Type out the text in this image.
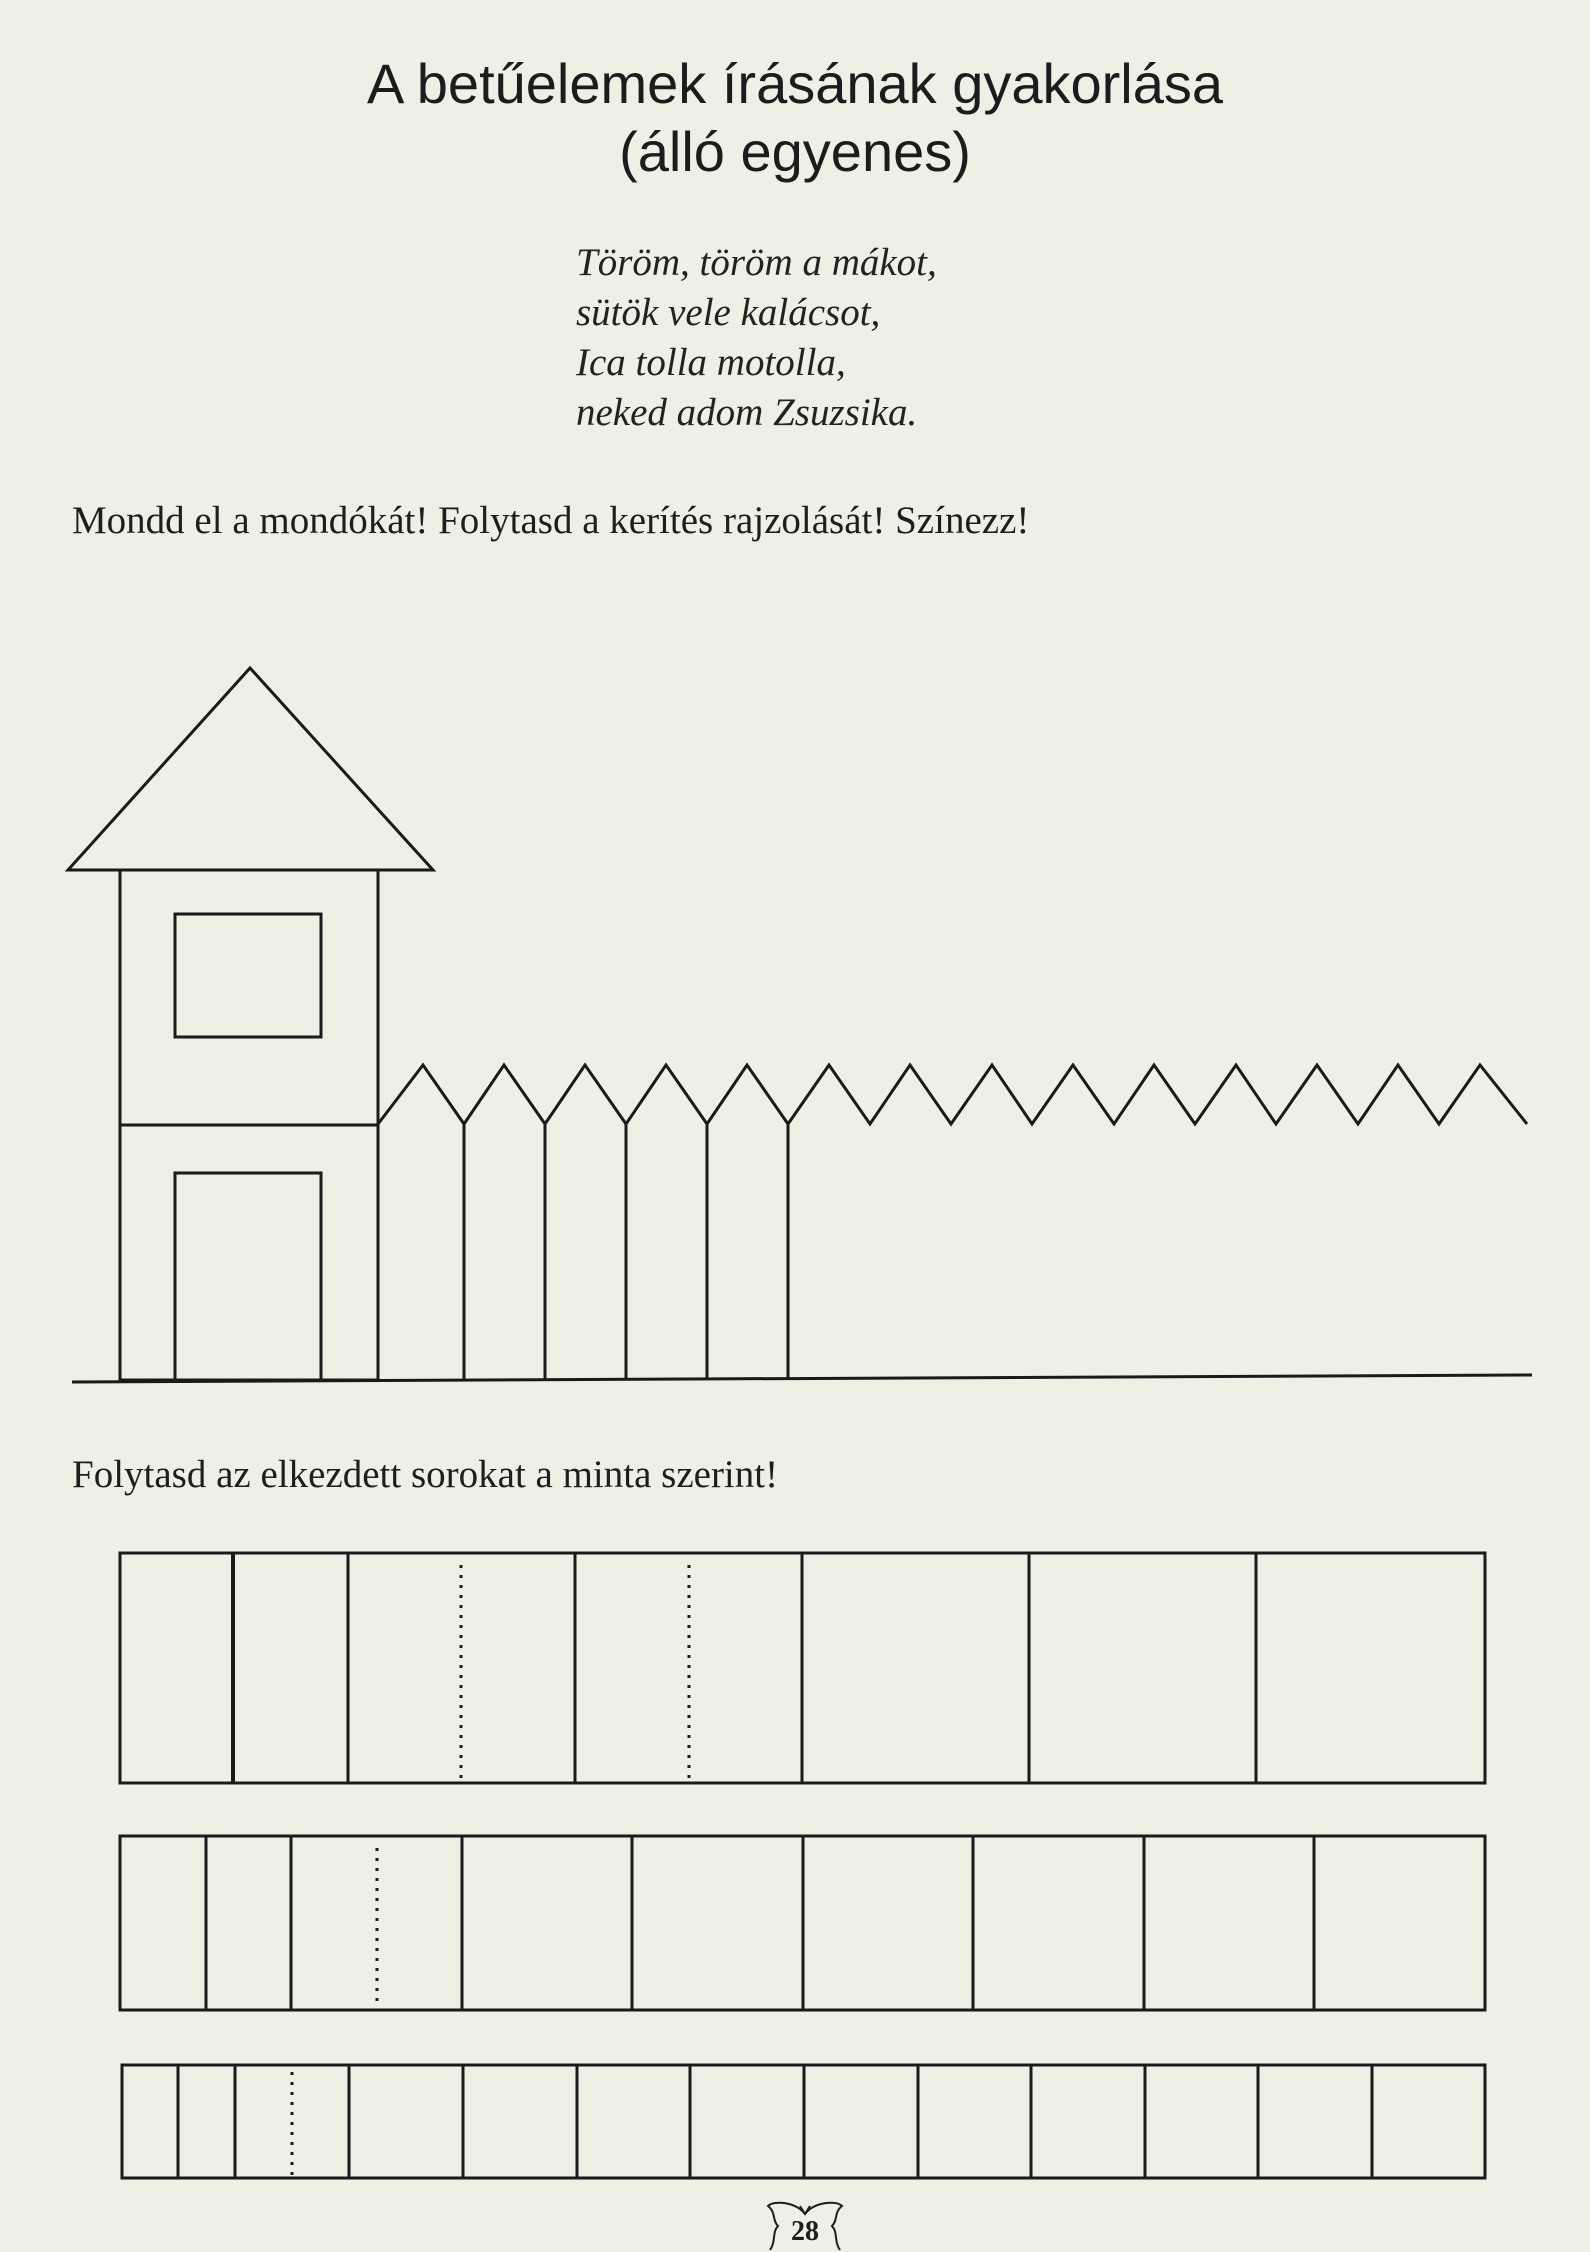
A betűelemek írásának gyakorlása
(álló egyenes)
Töröm, töröm a mákot,
sütök vele kalácsot,
Ica tolla motolla,
neked adom Zsuzsika.
Mondd el a mondókát! Folytasd a kerítés rajzolását! Színezz!
Folytasd az elkezdett sorokat a minta szerint!
28
